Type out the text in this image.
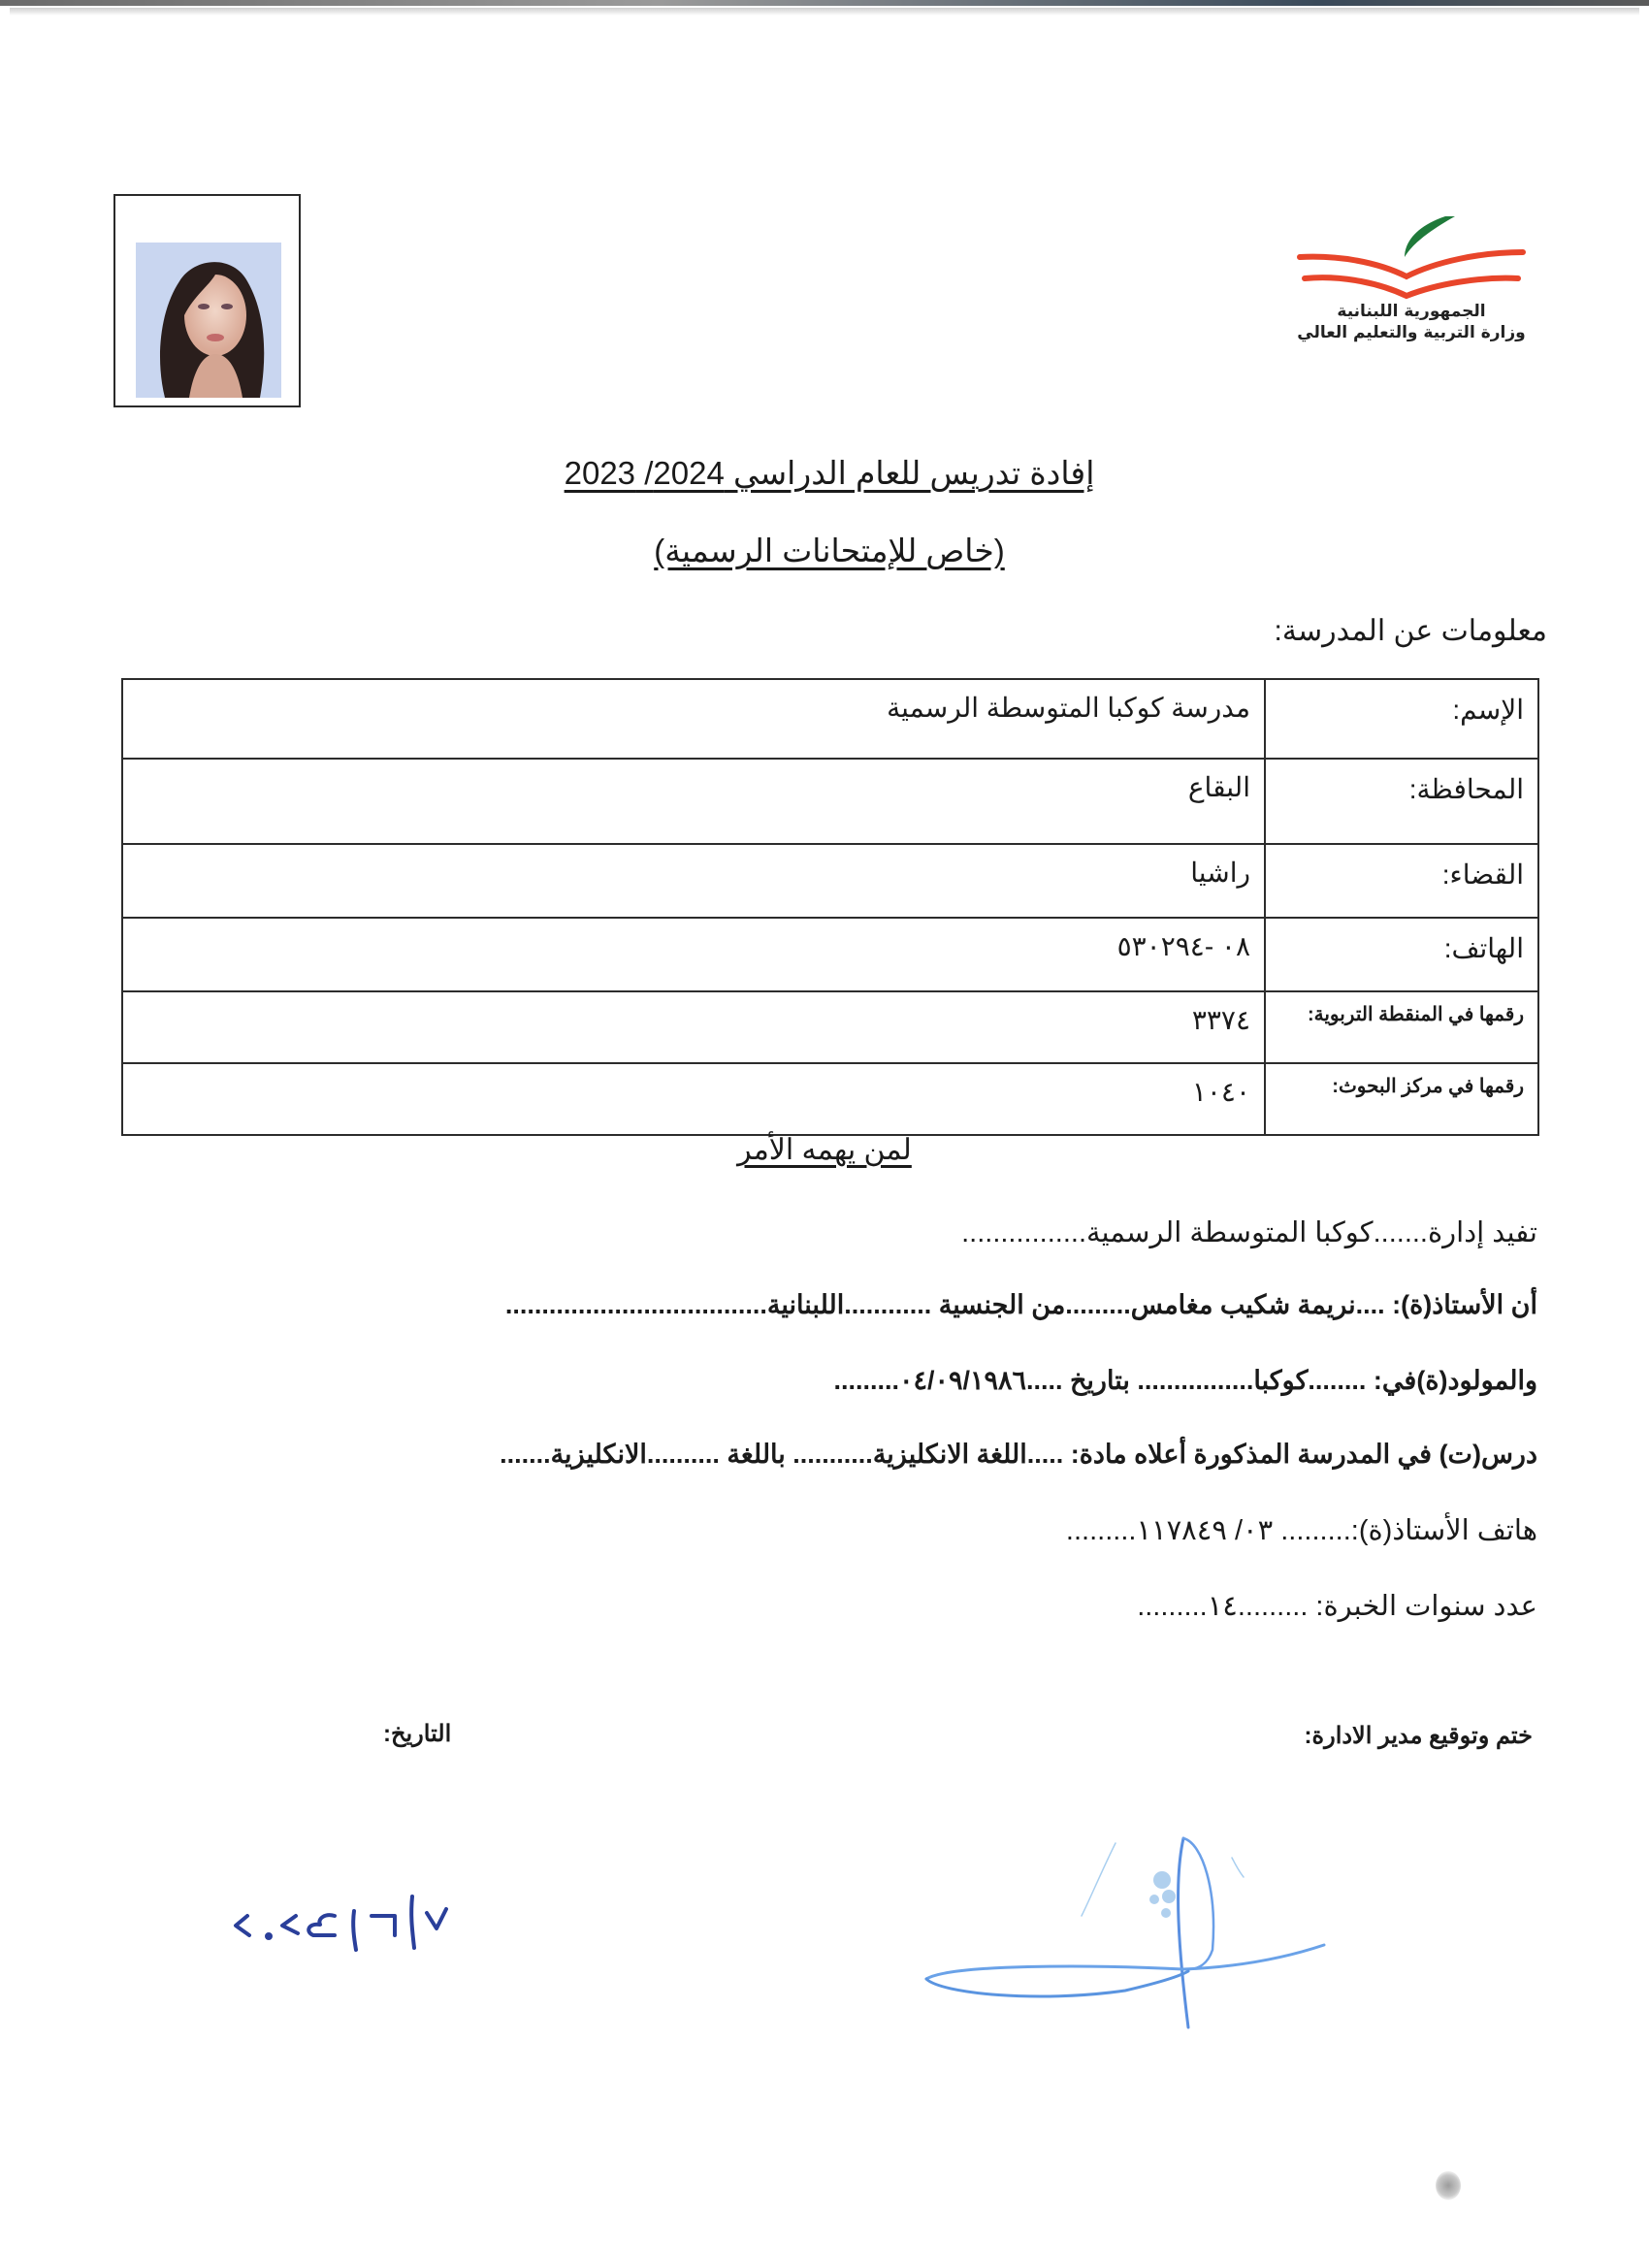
الجمهورية اللبنانية
وزارة التربية والتعليم العالي
إفادة تدريس للعام الدراسي 2024/ 2023
(خاص للإمتحانات الرسمية)
معلومات عن المدرسة:
الإسم:	مدرسة كوكبا المتوسطة الرسمية
المحافظة:	البقاع
القضاء:	راشيا
الهاتف:	٠٨ -٥٣٠٢٩٤
رقمها في المنقطة التربوية:	٣٣٧٤
رقمها في مركز البحوث:	١٠٤٠
لمن يهمه الأمر
تفيد إدارة.......كوكبا المتوسطة الرسمية................
أن الأستاذ(ة): ....نريمة شكيب مغامس.........من الجنسية ............اللبنانية....................................
والمولود(ة)في: ........كوكبا................ بتاريخ .....٠٤/٠٩/١٩٨٦.........
درس(ت) في المدرسة المذكورة أعلاه مادة: .....اللغة الانكليزية........... باللغة ..........الانكليزية.......
هاتف الأستاذ(ة):......... ٠٣/ ١١٧٨٤٩.........
عدد سنوات الخبرة: .........١٤.........
ختم وتوقيع مدير الادارة:
التاريخ:
